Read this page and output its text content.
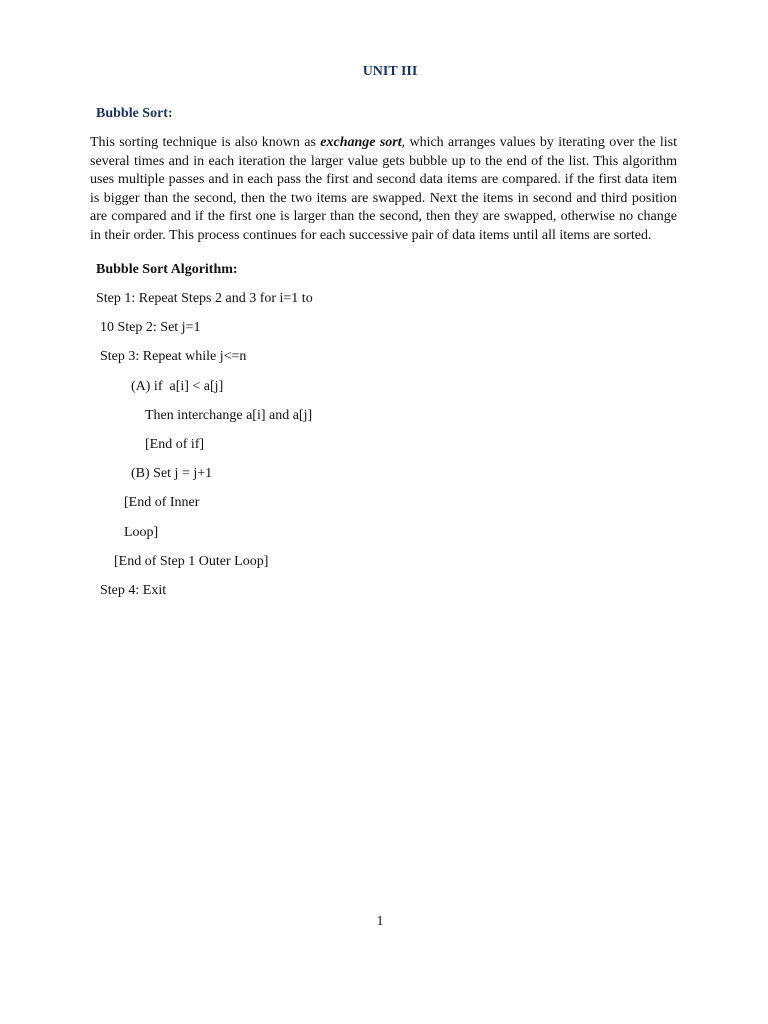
UNIT III
Bubble Sort:
This sorting technique is also known as exchange sort, which arranges values by iterating over the list several times and in each iteration the larger value gets bubble up to the end of the list. This algorithm uses multiple passes and in each pass the first and second data items are compared. if the first data item is bigger than the second, then the two items are swapped. Next the items in second and third position are compared and if the first one is larger than the second, then they are swapped, otherwise no change in their order. This process continues for each successive pair of data items until all items are sorted.
Bubble Sort Algorithm:
Step 1: Repeat Steps 2 and 3 for i=1 to
10 Step 2: Set j=1
Step 3: Repeat while j<=n
(A) if  a[i] < a[j]
Then interchange a[i] and a[j]
[End of if]
(B) Set j = j+1
[End of Inner
Loop]
[End of Step 1 Outer Loop]
Step 4: Exit
1
